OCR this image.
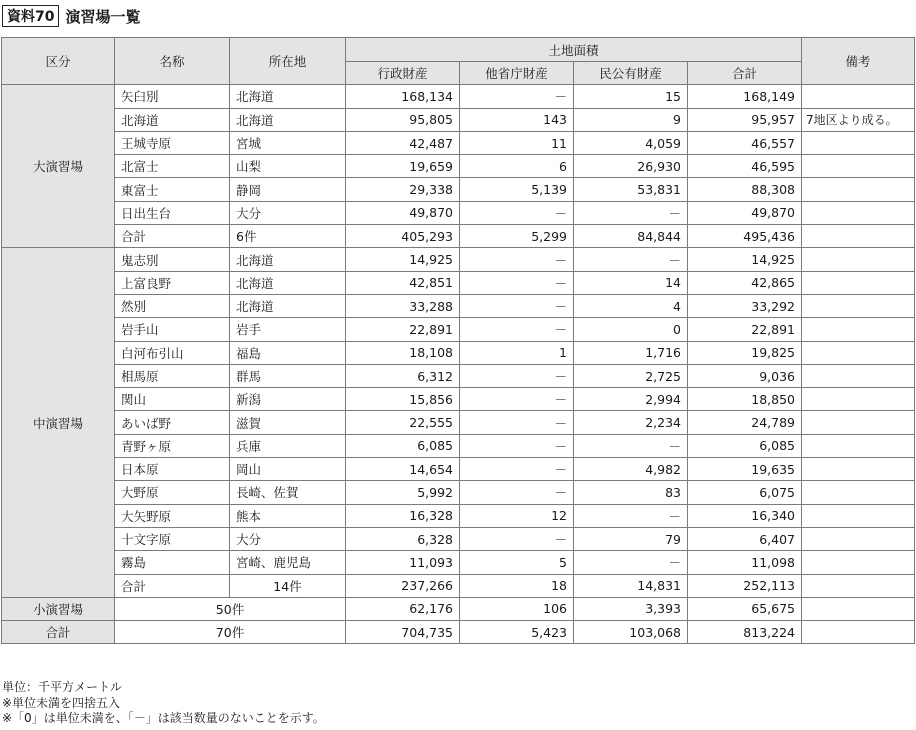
資料70 演習場一覧
区分	名称	所在地	土地面積				備考
			行政財産	他省庁財産	民公有財産	合計	
大演習場	矢臼別	北海道	168,134	－	15	168,149	
	北海道	北海道	95,805	143	9	95,957	7地区より成る。
	王城寺原	宮城	42,487	11	4,059	46,557	
	北富士	山梨	19,659	6	26,930	46,595	
	東富士	静岡	29,338	5,139	53,831	88,308	
	日出生台	大分	49,870	－	－	49,870	
	合計	6件	405,293	5,299	84,844	495,436	
中演習場	鬼志別	北海道	14,925	－	－	14,925	
	上富良野	北海道	42,851	－	14	42,865	
	然別	北海道	33,288	－	4	33,292	
	岩手山	岩手	22,891	－	0	22,891	
	白河布引山	福島	18,108	1	1,716	19,825	
	相馬原	群馬	6,312	－	2,725	9,036	
	関山	新潟	15,856	－	2,994	18,850	
	あいば野	滋賀	22,555	－	2,234	24,789	
	青野ヶ原	兵庫	6,085	－	－	6,085	
	日本原	岡山	14,654	－	4,982	19,635	
	大野原	長崎、佐賀	5,992	－	83	6,075	
	大矢野原	熊本	16,328	12	－	16,340	
	十文字原	大分	6,328	－	79	6,407	
	霧島	宮崎、鹿児島	11,093	5	－	11,098	
	合計	14件	237,266	18	14,831	252,113	
小演習場	50件		62,176	106	3,393	65,675	
合計	70件		704,735	5,423	103,068	813,224	
単位：千平方メートル
※単位未満を四捨五入
※「0」は単位未満を、「－」は該当数量のないことを示す。
